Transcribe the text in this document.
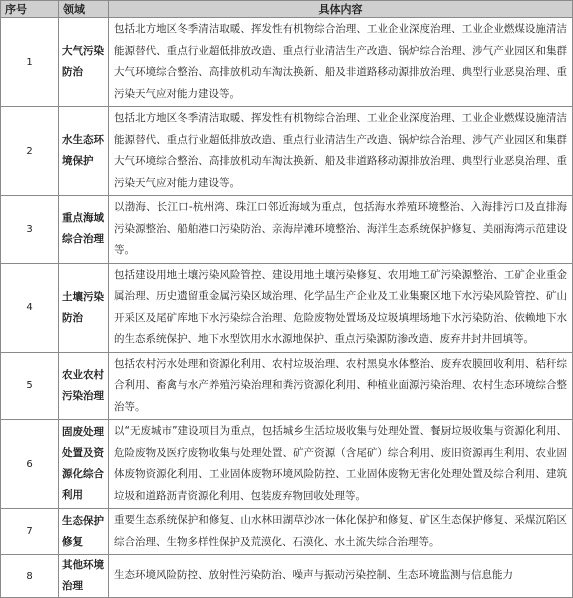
序号	领域	具体内容
1	大气污染防治	包括北方地区冬季清洁取暖、挥发性有机物综合治理、工业企业深度治理、工业企业燃煤设施清洁能源替代、重点行业超低排放改造、重点行业清洁生产改造、锅炉综合治理、涉气产业园区和集群大气环境综合整治、高排放机动车淘汰换新、船及非道路移动源排放治理、典型行业恶臭治理、重污染天气应对能力建设等。
2	水生态环境保护	包括北方地区冬季清洁取暖、挥发性有机物综合治理、工业企业深度治理、工业企业燃煤设施清洁能源替代、重点行业超低排放改造、重点行业清洁生产改造、锅炉综合治理、涉气产业园区和集群大气环境综合整治、高排放机动车淘汰换新、船及非道路移动源排放治理、典型行业恶臭治理、重污染天气应对能力建设等。
3	重点海域综合治理	以渤海、长江口-杭州湾、珠江口邻近海域为重点，包括海水养殖环境整治、入海排污口及直排海污染源整治、船舶港口污染防治、亲海岸滩环境整治、海洋生态系统保护修复、美丽海湾示范建设等。
4	土壤污染防治	包括建设用地土壤污染风险管控、建设用地土壤污染修复、农用地工矿污染源整治、工矿企业重金属治理、历史遗留重金属污染区域治理、化学品生产企业及工业集聚区地下水污染风险管控、矿山开采区及尾矿库地下水污染综合治理、危险废物处置场及垃圾填埋场地下水污染防治、依赖地下水的生态系统保护、地下水型饮用水水源地保护、重点污染源防渗改造、废弃井封井回填等。
5	农业农村污染治理	包括农村污水处理和资源化利用、农村垃圾治理、农村黑臭水体整治、废弃农膜回收利用、秸秆综合利用、畜禽与水产养殖污染治理和粪污资源化利用、种植业面源污染治理、农村生态环境综合整治等。
6	固废处理处置及资源化综合利用	以“无废城市”建设项目为重点，包括城乡生活垃圾收集与处理处置、餐厨垃圾收集与资源化利用、危险废物及医疗废物收集与处理处置、矿产资源（含尾矿）综合利用、废旧资源再生利用、农业固体废物资源化利用、工业固体废物环境风险防控、工业固体废物无害化处理处置及综合利用、建筑垃圾和道路沥青资源化利用、包装废弃物回收处理等。
7	生态保护修复	重要生态系统保护和修复、山水林田湖草沙冰一体化保护和修复、矿区生态保护修复、采煤沉陷区综合治理、生物多样性保护及荒漠化、石漠化、水土流失综合治理等。
8	其他环境治理	生态环境风险防控、放射性污染防治、噪声与振动污染控制、生态环境监测与信息能力
